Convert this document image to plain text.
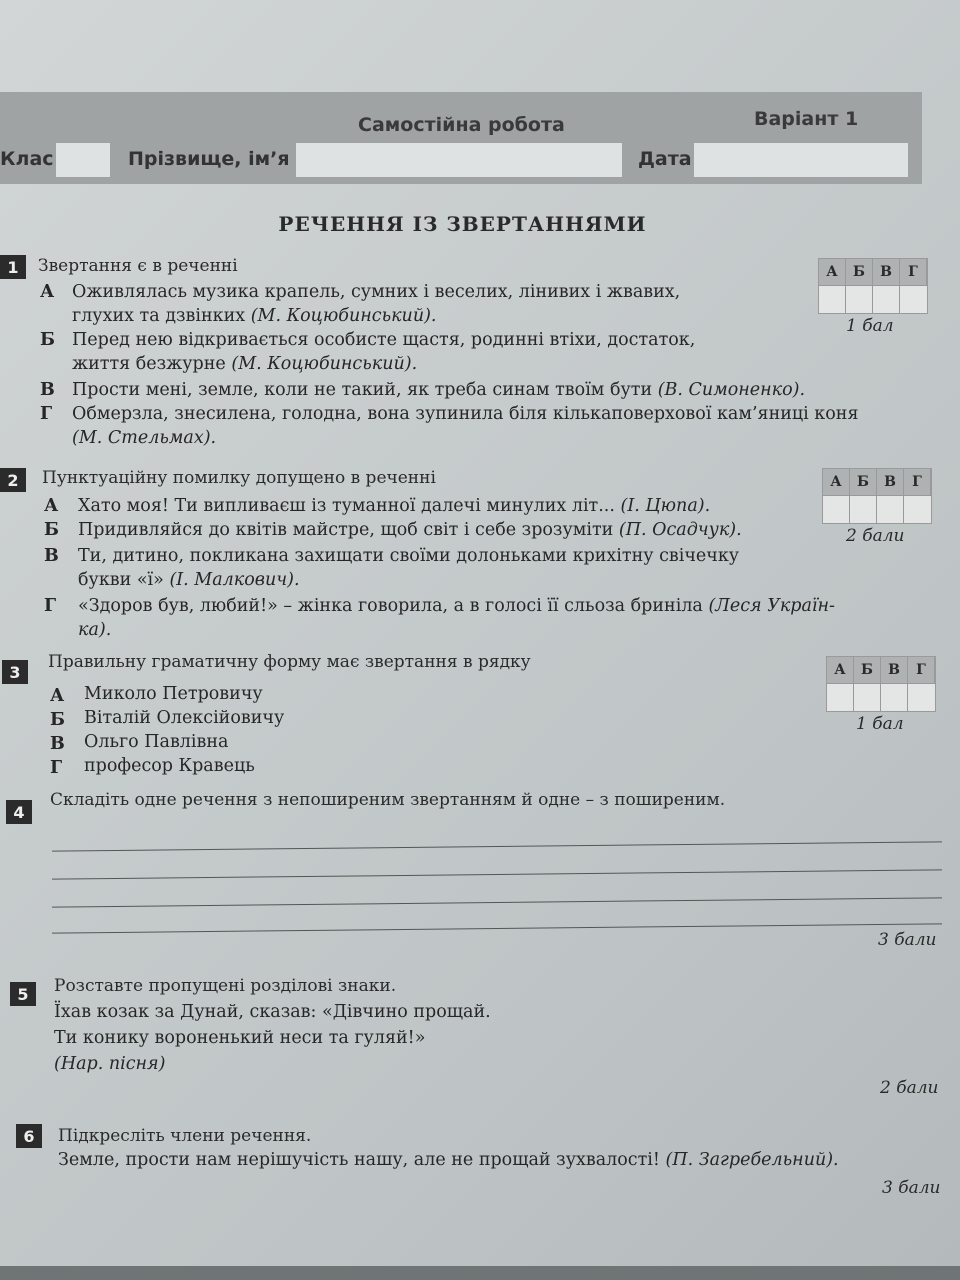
Самостійна робота	Варіант 1
Клас	Прізвище, ім’я	Дата
РЕЧЕННЯ ІЗ ЗВЕРТАННЯМИ
1	Звертання є в реченні	А	Б	В	Г
1 бал
А Оживлялась музика крапель, сумних і веселих, лінивих і жвавих,
глухих та дзвінких (М. Коцюбинський).
Б Перед нею відкривається особисте щастя, родинні втіхи, достаток,
життя безжурне (М. Коцюбинський).
В Прости мені, земле, коли не такий, як треба синам твоїм бути (В. Симоненко).
Г Обмерзла, знесилена, голодна, вона зупинила біля кількаповерхової кам’яниці коня
(М. Стельмах).
2	Пунктуаційну помилку допущено в реченні	А	Б	В	Г
2 бали
А Хато моя! Ти випливаєш із туманної далечі минулих літ... (І. Цюпа).
Б Придивляйся до квітів майстре, щоб світ і себе зрозуміти (П. Осадчук).
В Ти, дитино, покликана захищати своїми долоньками крихітну свічечку
букви «ї» (І. Малкович).
Г «Здоров був, любий!» – жінка говорила, а в голосі її сльоза бриніла (Леся Україн-
ка).
3	Правильну граматичну форму має звертання в рядку	А	Б	В	Г
1 бал
А Миколо Петровичу
Б Віталій Олексійовичу
В Ольго Павлівна
Г професор Кравець
4
Складіть одне речення з непоширеним звертанням й одне – з поширеним.
3 бали
5	Розставте пропущені розділові знаки.
Їхав козак за Дунай, сказав: «Дівчино прощай.
Ти конику вороненький неси та гуляй!»
(Нар. пісня)
2 бали
6	Підкресліть члени речення.
Земле, прости нам нерішучість нашу, але не прощай зухвалості! (П. Загребельний).
3 бали
